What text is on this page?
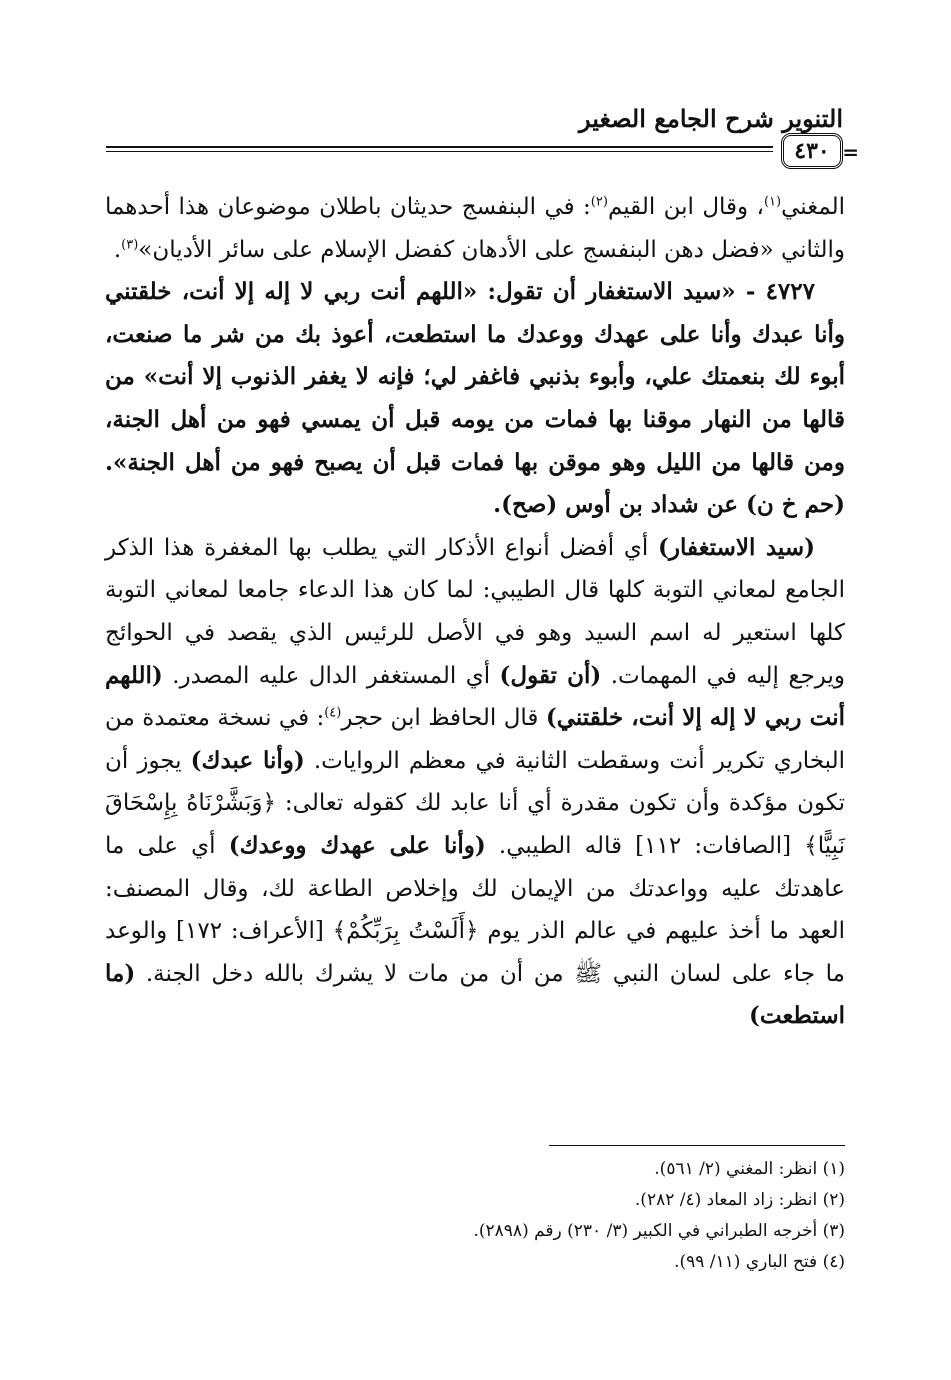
التنوير شرح الجامع الصغير
٤٣٠ =

المغني$^{(١)}$، وقال ابن القيم$^{(٢)}$: في البنفسج حديثان باطلان موضوعان هذا أحدهما والثاني «فضل دهن البنفسج على الأدهان كفضل الإسلام على سائر الأديان»$^{(٣)}$.

٤٧٢٧ - «سيد الاستغفار أن تقول: «اللهم أنت ربي لا إله إلا أنت، خلقتني وأنا عبدك وأنا على عهدك ووعدك ما استطعت، أعوذ بك من شر ما صنعت، أبوء لك بنعمتك علي، وأبوء بذنبي فاغفر لي؛ فإنه لا يغفر الذنوب إلا أنت» من قالها من النهار موقنا بها فمات من يومه قبل أن يمسي فهو من أهل الجنة، ومن قالها من الليل وهو موقن بها فمات قبل أن يصبح فهو من أهل الجنة». (حم خ ن) عن شداد بن أوس (صح).

(سيد الاستغفار) أي أفضل أنواع الأذكار التي يطلب بها المغفرة هذا الذكر الجامع لمعاني التوبة كلها قال الطيبي: لما كان هذا الدعاء جامعا لمعاني التوبة كلها استعير له اسم السيد وهو في الأصل للرئيس الذي يقصد في الحوائج ويرجع إليه في المهمات. (أن تقول) أي المستغفر الدال عليه المصدر. (اللهم أنت ربي لا إله إلا أنت، خلقتني) قال الحافظ ابن حجر$^{(٤)}$: في نسخة معتمدة من البخاري تكرير أنت وسقطت الثانية في معظم الروايات. (وأنا عبدك) يجوز أن تكون مؤكدة وأن تكون مقدرة أي أنا عابد لك كقوله تعالى: ﴿وَبَشَّرْنَاهُ بِإِسْحَاقَ نَبِيًّا﴾ [الصافات: ١١٢] قاله الطيبي. (وأنا على عهدك ووعدك) أي على ما عاهدتك عليه وواعدتك من الإيمان لك وإخلاص الطاعة لك، وقال المصنف: العهد ما أخذ عليهم في عالم الذر يوم ﴿أَلَسْتُ بِرَبِّكُمْ﴾ [الأعراف: ١٧٢] والوعد ما جاء على لسان النبي ﷺ من أن من مات لا يشرك بالله دخل الجنة. (ما استطعت)

(١) انظر: المغني (٢/ ٥٦١).

(٢) انظر: زاد المعاد (٤/ ٢٨٢).

(٣) أخرجه الطبراني في الكبير (٣/ ٢٣٠) رقم (٢٨٩٨).

(٤) فتح الباري (١١/ ٩٩).
